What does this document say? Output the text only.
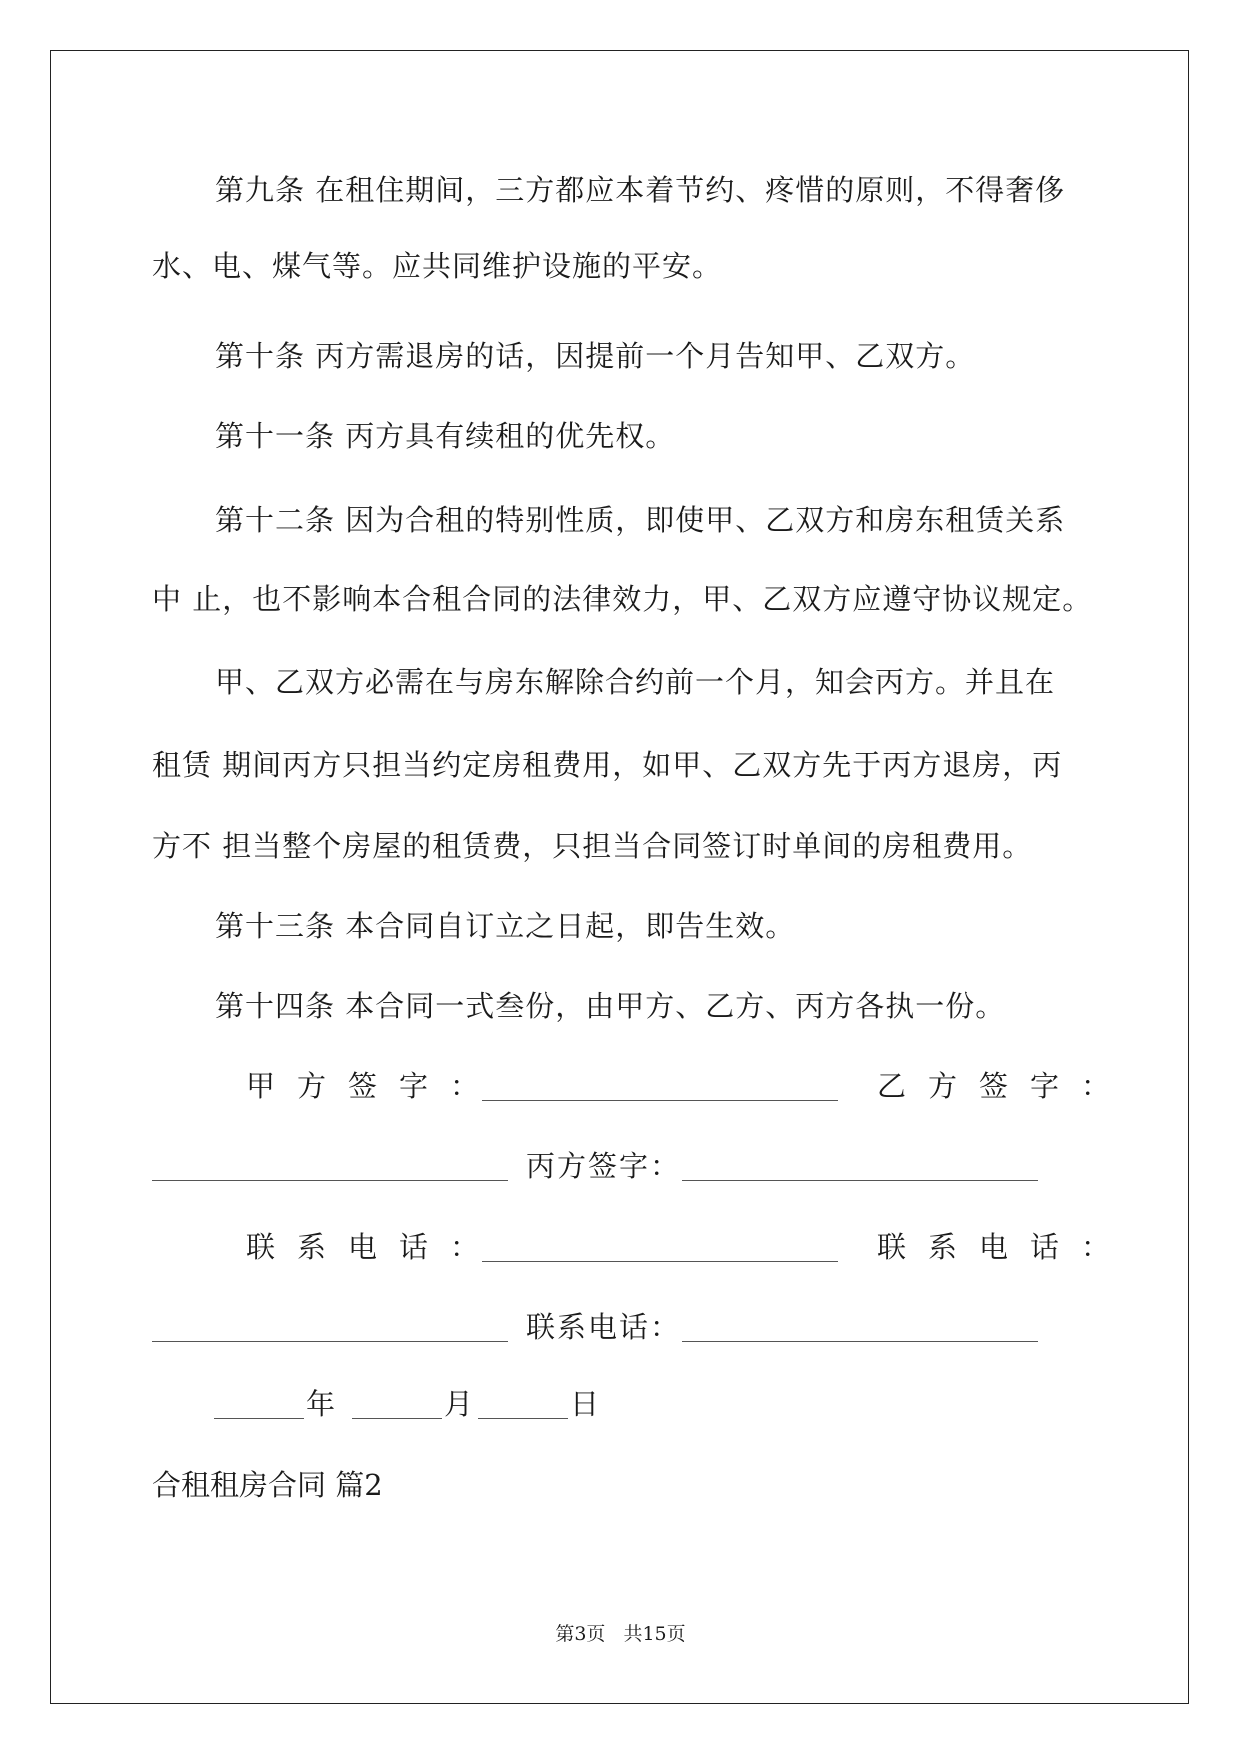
第九条 在租住期间，三方都应本着节约、疼惜的原则，不得奢侈
水、电、煤气等。应共同维护设施的平安。
第十条 丙方需退房的话，因提前一个月告知甲、乙双方。
第十一条 丙方具有续租的优先权。
第十二条 因为合租的特别性质，即使甲、乙双方和房东租赁关系
中 止，也不影响本合租合同的法律效力，甲、乙双方应遵守协议规定。
甲、乙双方必需在与房东解除合约前一个月，知会丙方。并且在
租赁 期间丙方只担当约定房租费用，如甲、乙双方先于丙方退房，丙
方不 担当整个房屋的租赁费，只担当合同签订时单间的房租费用。
第十三条 本合同自订立之日起，即告生效。
第十四条 本合同一式叁份，由甲方、乙方、丙方各执一份。
甲方签字：	乙方签字：
丙方签字：
联系电话：	联系电话：
联系电话：
年	月	日
合租租房合同 篇2
第3页 共15页
